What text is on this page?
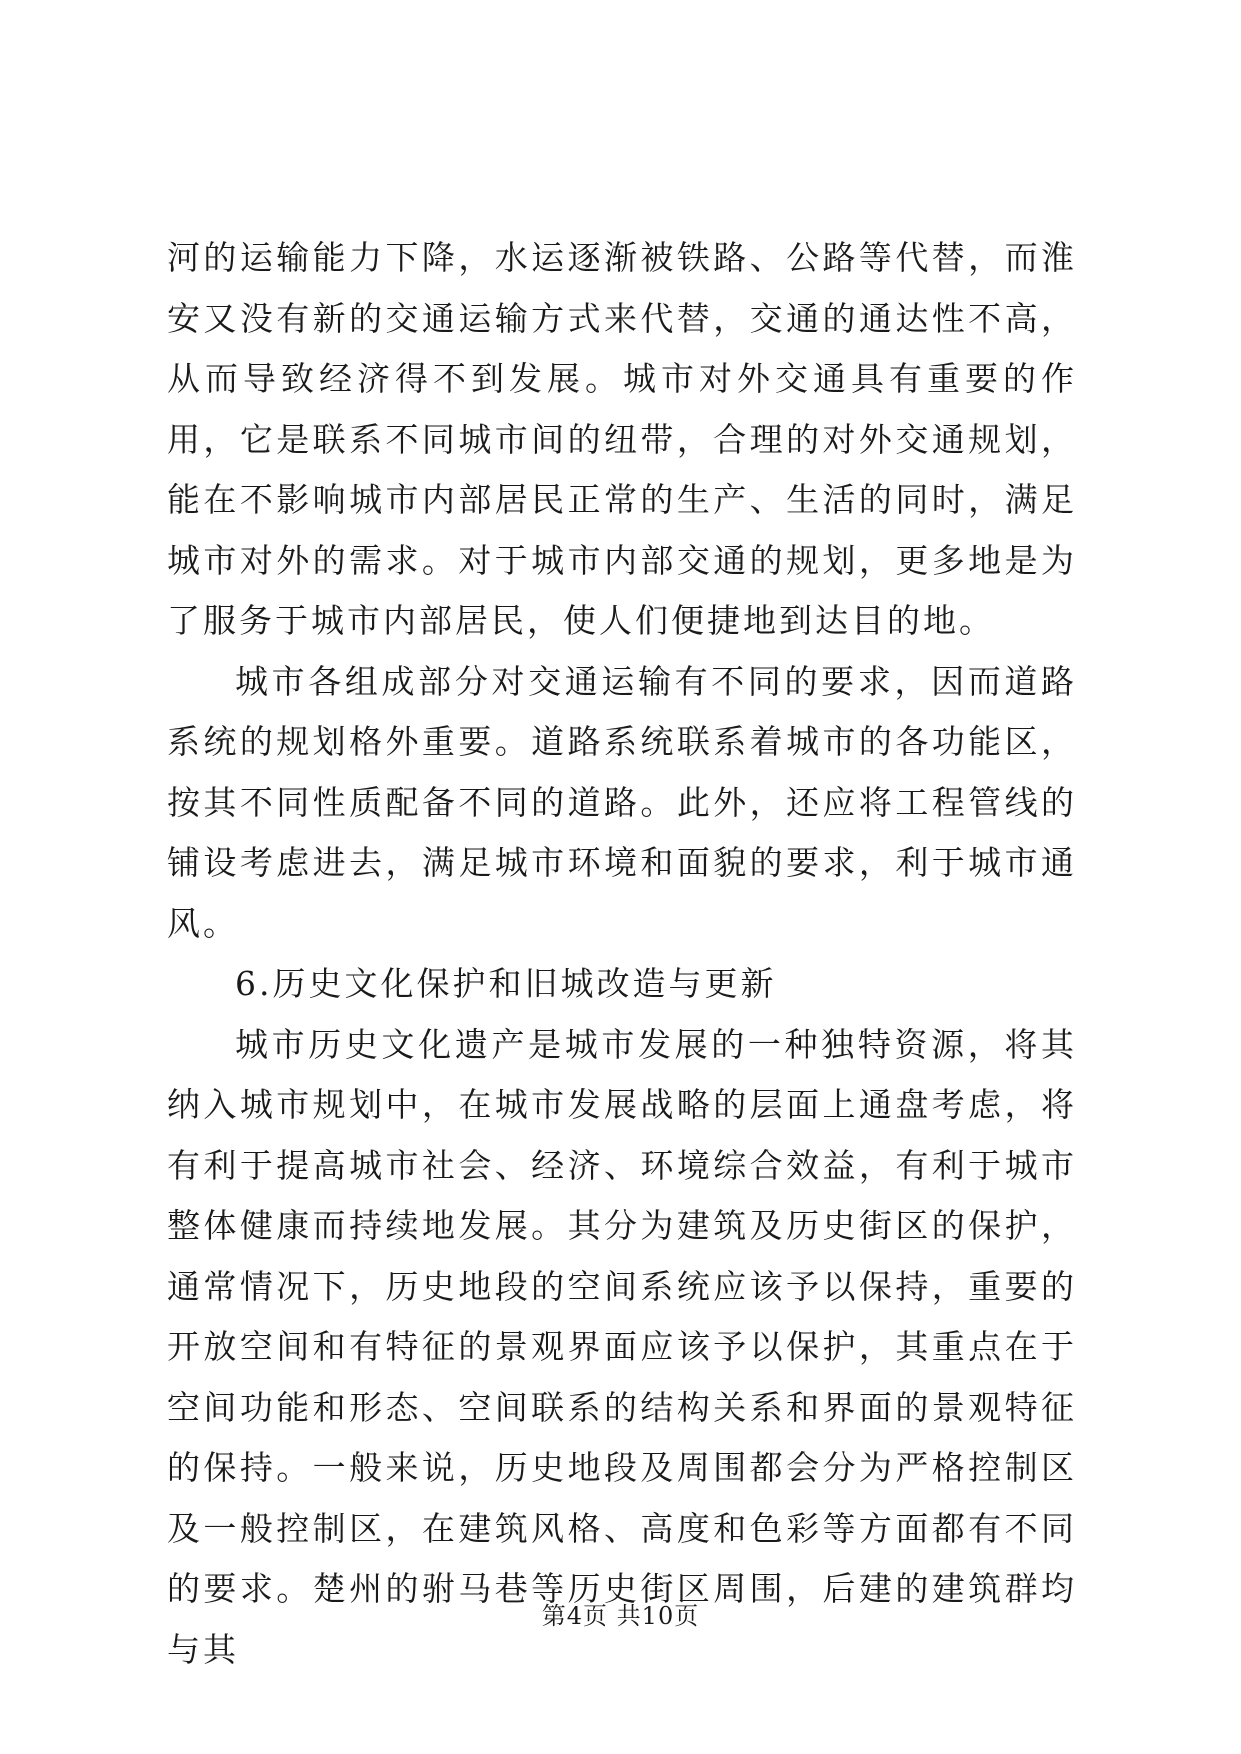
河的运输能力下降，水运逐渐被铁路、公路等代替，而淮安又没有新的交通运输方式来代替，交通的通达性不高，从而导致经济得不到发展。城市对外交通具有重要的作用，它是联系不同城市间的纽带，合理的对外交通规划，能在不影响城市内部居民正常的生产、生活的同时，满足城市对外的需求。对于城市内部交通的规划，更多地是为了服务于城市内部居民，使人们便捷地到达目的地。

城市各组成部分对交通运输有不同的要求，因而道路系统的规划格外重要。道路系统联系着城市的各功能区，按其不同性质配备不同的道路。此外，还应将工程管线的铺设考虑进去，满足城市环境和面貌的要求，利于城市通风。

6.历史文化保护和旧城改造与更新

城市历史文化遗产是城市发展的一种独特资源，将其纳入城市规划中，在城市发展战略的层面上通盘考虑，将有利于提高城市社会、经济、环境综合效益，有利于城市整体健康而持续地发展。其分为建筑及历史街区的保护，通常情况下，历史地段的空间系统应该予以保持，重要的开放空间和有特征的景观界面应该予以保护，其重点在于空间功能和形态、空间联系的结构关系和界面的景观特征的保持。一般来说，历史地段及周围都会分为严格控制区及一般控制区，在建筑风格、高度和色彩等方面都有不同的要求。楚州的驸马巷等历史街区周围，后建的建筑群均与其

第4页 共10页
